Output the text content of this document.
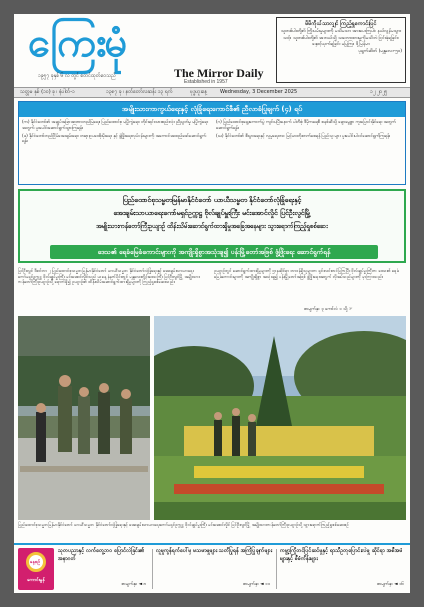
ကြေးမုံ
၁၉၅၇ ခုနှစ် ၆ လ တွင် စတင်ထုတ်ဝေသည်	The Mirror Daily
Established in 1957
မိမိကိုယ်သာလျှင် ကြည့်ရှုကောင်းပြင်
သူတစ်ပါးတို့၏ ကြိုးပမ်းမှုများကို မသိမသာ အားပေးကြပါ။ နယ်လွန်မသွားသင့်။ သူတစ်ပါးတို့၏ အဘယ်သို့ သဘောထားမှုကိုမသိဘဲ ငြင်းခုံရခြင်း၊ နှောင့်ယှက်ရခြင်း မပြုကြ။ ဒို့မြန်မာ
ပုရွက်ဆိတ် (မန္တလေး-၅၀)
သတ္တမ နှစ် (၁၀) ခု ၊ နံပါတ်-၁	၁၃၈၇ ခု ၊ နတ်တော်လဆန်း ၁၃ ရက်	ဗုဒ္ဓဟူးနေ့	Wednesday, 3 December 2025	၁၂ ၂၀၂၅
အမျိုးသားကာကွယ်ရေးနှင့် လုံခြုံရေးကောင်စီ၏ ညီလာခံပြုချက် (၄) ရပ်

(က) နိုင်ငံတော်၏ အချုပ်အခြာအာဏာတည်မြဲရေး၊ ပြည်ထောင်စု မပြိုကွဲရေး၊ တိုင်းရင်းသားစည်းလုံး ညီညွတ်မှု မပြိုကွဲရေး အတွက် ပူးပေါင်းဆောင်ရွက်သွားကြရန်။

(ခ) နိုင်ငံတော်တည်ငြိမ်အေးချမ်းရေး၊ တရားဥပဒေစိုးမိုးရေး နှင့် ဖွံ့ဖြိုးရေးလုပ်ငန်းများကို အကောင်အထည်ဖော်ဆောင်ရွက်ရန်။

(ဂ) ပြည်ထောင်စုရွေးကောက်ပွဲ ကျင်းပပြီးနောက် ပါတီစုံ ဒီမိုကရေစီ စနစ်ဆီသို့ ချောမွေ့စွာ ကူးပြောင်းနိုင်ရေး အတွက် ဆောင်ရွက်ရန်။

(ဃ) နိုင်ငံတော်၏ စီးပွားရေးနှင့် လူမှုရေးဘဝ မြင့်မားတိုးတက်စေရန် ပြည်သူ များ ပူးပေါင်းပါဝင်ဆောင်ရွက်ကြရန်။

ပြည်ထောင်စုသမ္မတမြန်မာနိုင်ငံတော် ယာယီသမ္မတ နိုင်ငံတော်လုံခြုံရေးနှင့်
အေးချမ်းသာယာရေးကော်မရှင်ဥက္ကဋ္ဌ ဗိုလ်ချုပ်မှူးကြီး မင်းအောင်လှိုင် ပြင်ဦးလွင်မြို့
အမျိုးသားကန်တော်ကြီးဥယျာဉ် ထိန်းသိမ်းဆောင်ရွက်ထားရှိမှုအခြေအနေများ သွားရောက်ကြည့်ရှုစစ်ဆေး
ဒေသ၏ ရေခံမြေခံကောင်းများကို အကျိုးရှိစွာအသုံးချ၍ ပန်းမြို့တော်အဖြစ် ဖွံ့ဖြိုးရေး ဆောင်ရွက်ရန်
ပြင်ဦးလွင် ဒီဇင်ဘာ ၂ ပြည်ထောင်စုသမ္မတမြန်မာနိုင်ငံတော် ယာယီသမ္မတ နိုင်ငံတော်လုံခြုံရေးနှင့် အေးချမ်းသာယာရေးကော်မရှင်ဥက္ကဋ္ဌ ဗိုလ်ချုပ်မှူးကြီး မင်းအောင်လှိုင်သည် ယနေ့ နံနက်ပိုင်းတွင် မန္တလေးတိုင်းဒေသကြီး ပြင်ဦးလွင်မြို့ အမျိုးသားကန်တော်ကြီးဥယျာဉ်သို့ ရောက်ရှိ၍ ဥယျာဉ်၏ ထိန်းသိမ်းဆောင်ရွက်ထားရှိမှုများကို ကြည့်ရှုစစ်ဆေးသည်။
ဥယျာဉ်တွင် ဆောင်ရွက်ထားရှိမှုများကို ဌာနဆိုင်ရာ တာဝန်ရှိသူများက ရှင်းလင်းတင်ပြကြပြီး ဗိုလ်ချုပ်မှူးကြီးက ဒေသ၏ ရေခံမြေခံကောင်းများကို အကျိုးရှိစွာ အသုံးချ၍ ပန်းမြို့တော်အဖြစ် ဖွံ့ဖြိုးရေးအတွက် လိုအပ်သည်များကို မှာကြားသည်။
စာမျက်နှာ ၃ ကော်လံ ၁ သို့ ☞
ပြည်ထောင်စုသမ္မတမြန်မာနိုင်ငံတော် ယာယီသမ္မတ နိုင်ငံတော်လုံခြုံရေးနှင့် အေးချမ်းသာယာရေးကော်မရှင်ဥက္ကဋ္ဌ ဗိုလ်ချုပ်မှူးကြီး မင်းအောင်လှိုင် ပြင်ဦးလွင်မြို့ အမျိုးသားကန်တော်ကြီးဥယျာဉ်သို့ သွားရောက်ကြည့်ရှုစစ်ဆေးစဉ်
နေ့စဉ်
ကောင်းမွန်
သုတပညာနှင့် လက်တွေ့ဘဝ ပြောင်လဲခြင်း၏ အနာဂတ်
စာမျက်နှာ ◄ ၈
လူမှုကွန်ရက်ပေါ်မှ မသမာမှုများ သတိပြုရန် အကြံပြုချက်များ
စာမျက်နှာ ◄ ၁၁
ကမ္ဘာ့ကြိုတင်ပြင်ဆင်မှုနှင့် ရာသီဥတုပြောင်းလဲမှု ဆိုင်ရာ အစီအမံများနှင့် စီမံကိန်းများ
စာမျက်နှာ ◄ ၁၆
